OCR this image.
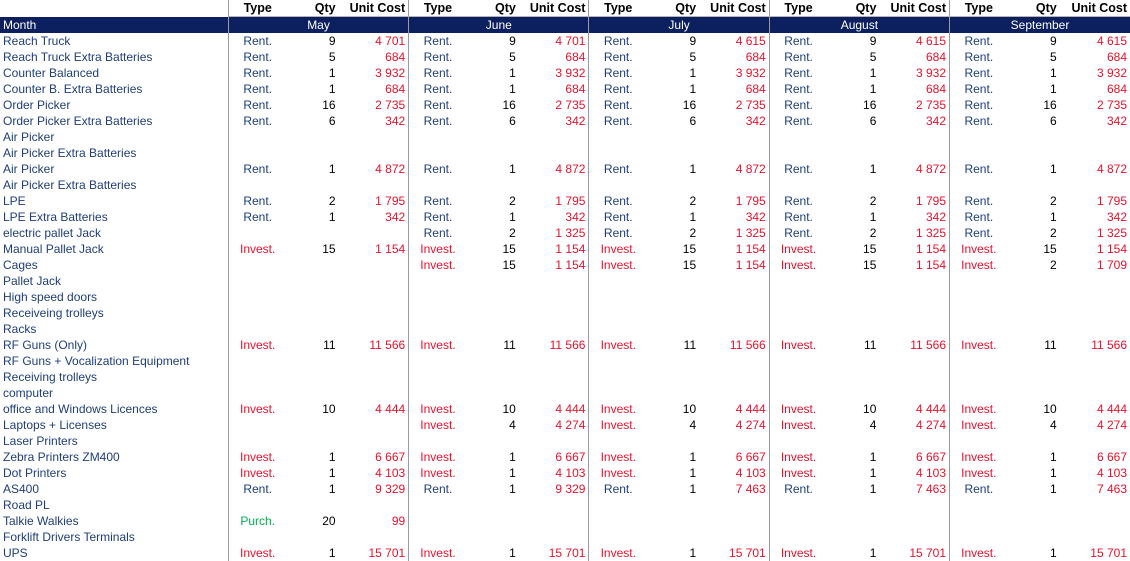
	Type	Qty	Unit Cost	Type	Qty	Unit Cost	Type	Qty	Unit Cost	Type	Qty	Unit Cost	Type	Qty	Unit Cost
Month	May			June			July			August			September		
Reach Truck	Rent.	9	4 701	Rent.	9	4 701	Rent.	9	4 615	Rent.	9	4 615	Rent.	9	4 615
Reach Truck Extra Batteries	Rent.	5	684	Rent.	5	684	Rent.	5	684	Rent.	5	684	Rent.	5	684
Counter Balanced	Rent.	1	3 932	Rent.	1	3 932	Rent.	1	3 932	Rent.	1	3 932	Rent.	1	3 932
Counter B. Extra Batteries	Rent.	1	684	Rent.	1	684	Rent.	1	684	Rent.	1	684	Rent.	1	684
Order Picker	Rent.	16	2 735	Rent.	16	2 735	Rent.	16	2 735	Rent.	16	2 735	Rent.	16	2 735
Order Picker Extra Batteries	Rent.	6	342	Rent.	6	342	Rent.	6	342	Rent.	6	342	Rent.	6	342
Air Picker															
Air Picker Extra Batteries															
Air Picker	Rent.	1	4 872	Rent.	1	4 872	Rent.	1	4 872	Rent.	1	4 872	Rent.	1	4 872
Air Picker Extra Batteries															
LPE	Rent.	2	1 795	Rent.	2	1 795	Rent.	2	1 795	Rent.	2	1 795	Rent.	2	1 795
LPE Extra Batteries	Rent.	1	342	Rent.	1	342	Rent.	1	342	Rent.	1	342	Rent.	1	342
electric pallet Jack				Rent.	2	1 325	Rent.	2	1 325	Rent.	2	1 325	Rent.	2	1 325
Manual Pallet Jack	Invest.	15	1 154	Invest.	15	1 154	Invest.	15	1 154	Invest.	15	1 154	Invest.	15	1 154
Cages				Invest.	15	1 154	Invest.	15	1 154	Invest.	15	1 154	Invest.	2	1 709
Pallet Jack															
High speed doors															
Receiveing trolleys															
Racks															
RF Guns (Only)	Invest.	11	11 566	Invest.	11	11 566	Invest.	11	11 566	Invest.	11	11 566	Invest.	11	11 566
RF Guns + Vocalization Equipment															
Receiving trolleys															
computer															
office and Windows Licences	Invest.	10	4 444	Invest.	10	4 444	Invest.	10	4 444	Invest.	10	4 444	Invest.	10	4 444
Laptops + Licenses				Invest.	4	4 274	Invest.	4	4 274	Invest.	4	4 274	Invest.	4	4 274
Laser Printers															
Zebra Printers ZM400	Invest.	1	6 667	Invest.	1	6 667	Invest.	1	6 667	Invest.	1	6 667	Invest.	1	6 667
Dot Printers	Invest.	1	4 103	Invest.	1	4 103	Invest.	1	4 103	Invest.	1	4 103	Invest.	1	4 103
AS400	Rent.	1	9 329	Rent.	1	9 329	Rent.	1	7 463	Rent.	1	7 463	Rent.	1	7 463
Road PL															
Talkie Walkies	Purch.	20	99												
Forklift Drivers Terminals															
UPS	Invest.	1	15 701	Invest.	1	15 701	Invest.	1	15 701	Invest.	1	15 701	Invest.	1	15 701
